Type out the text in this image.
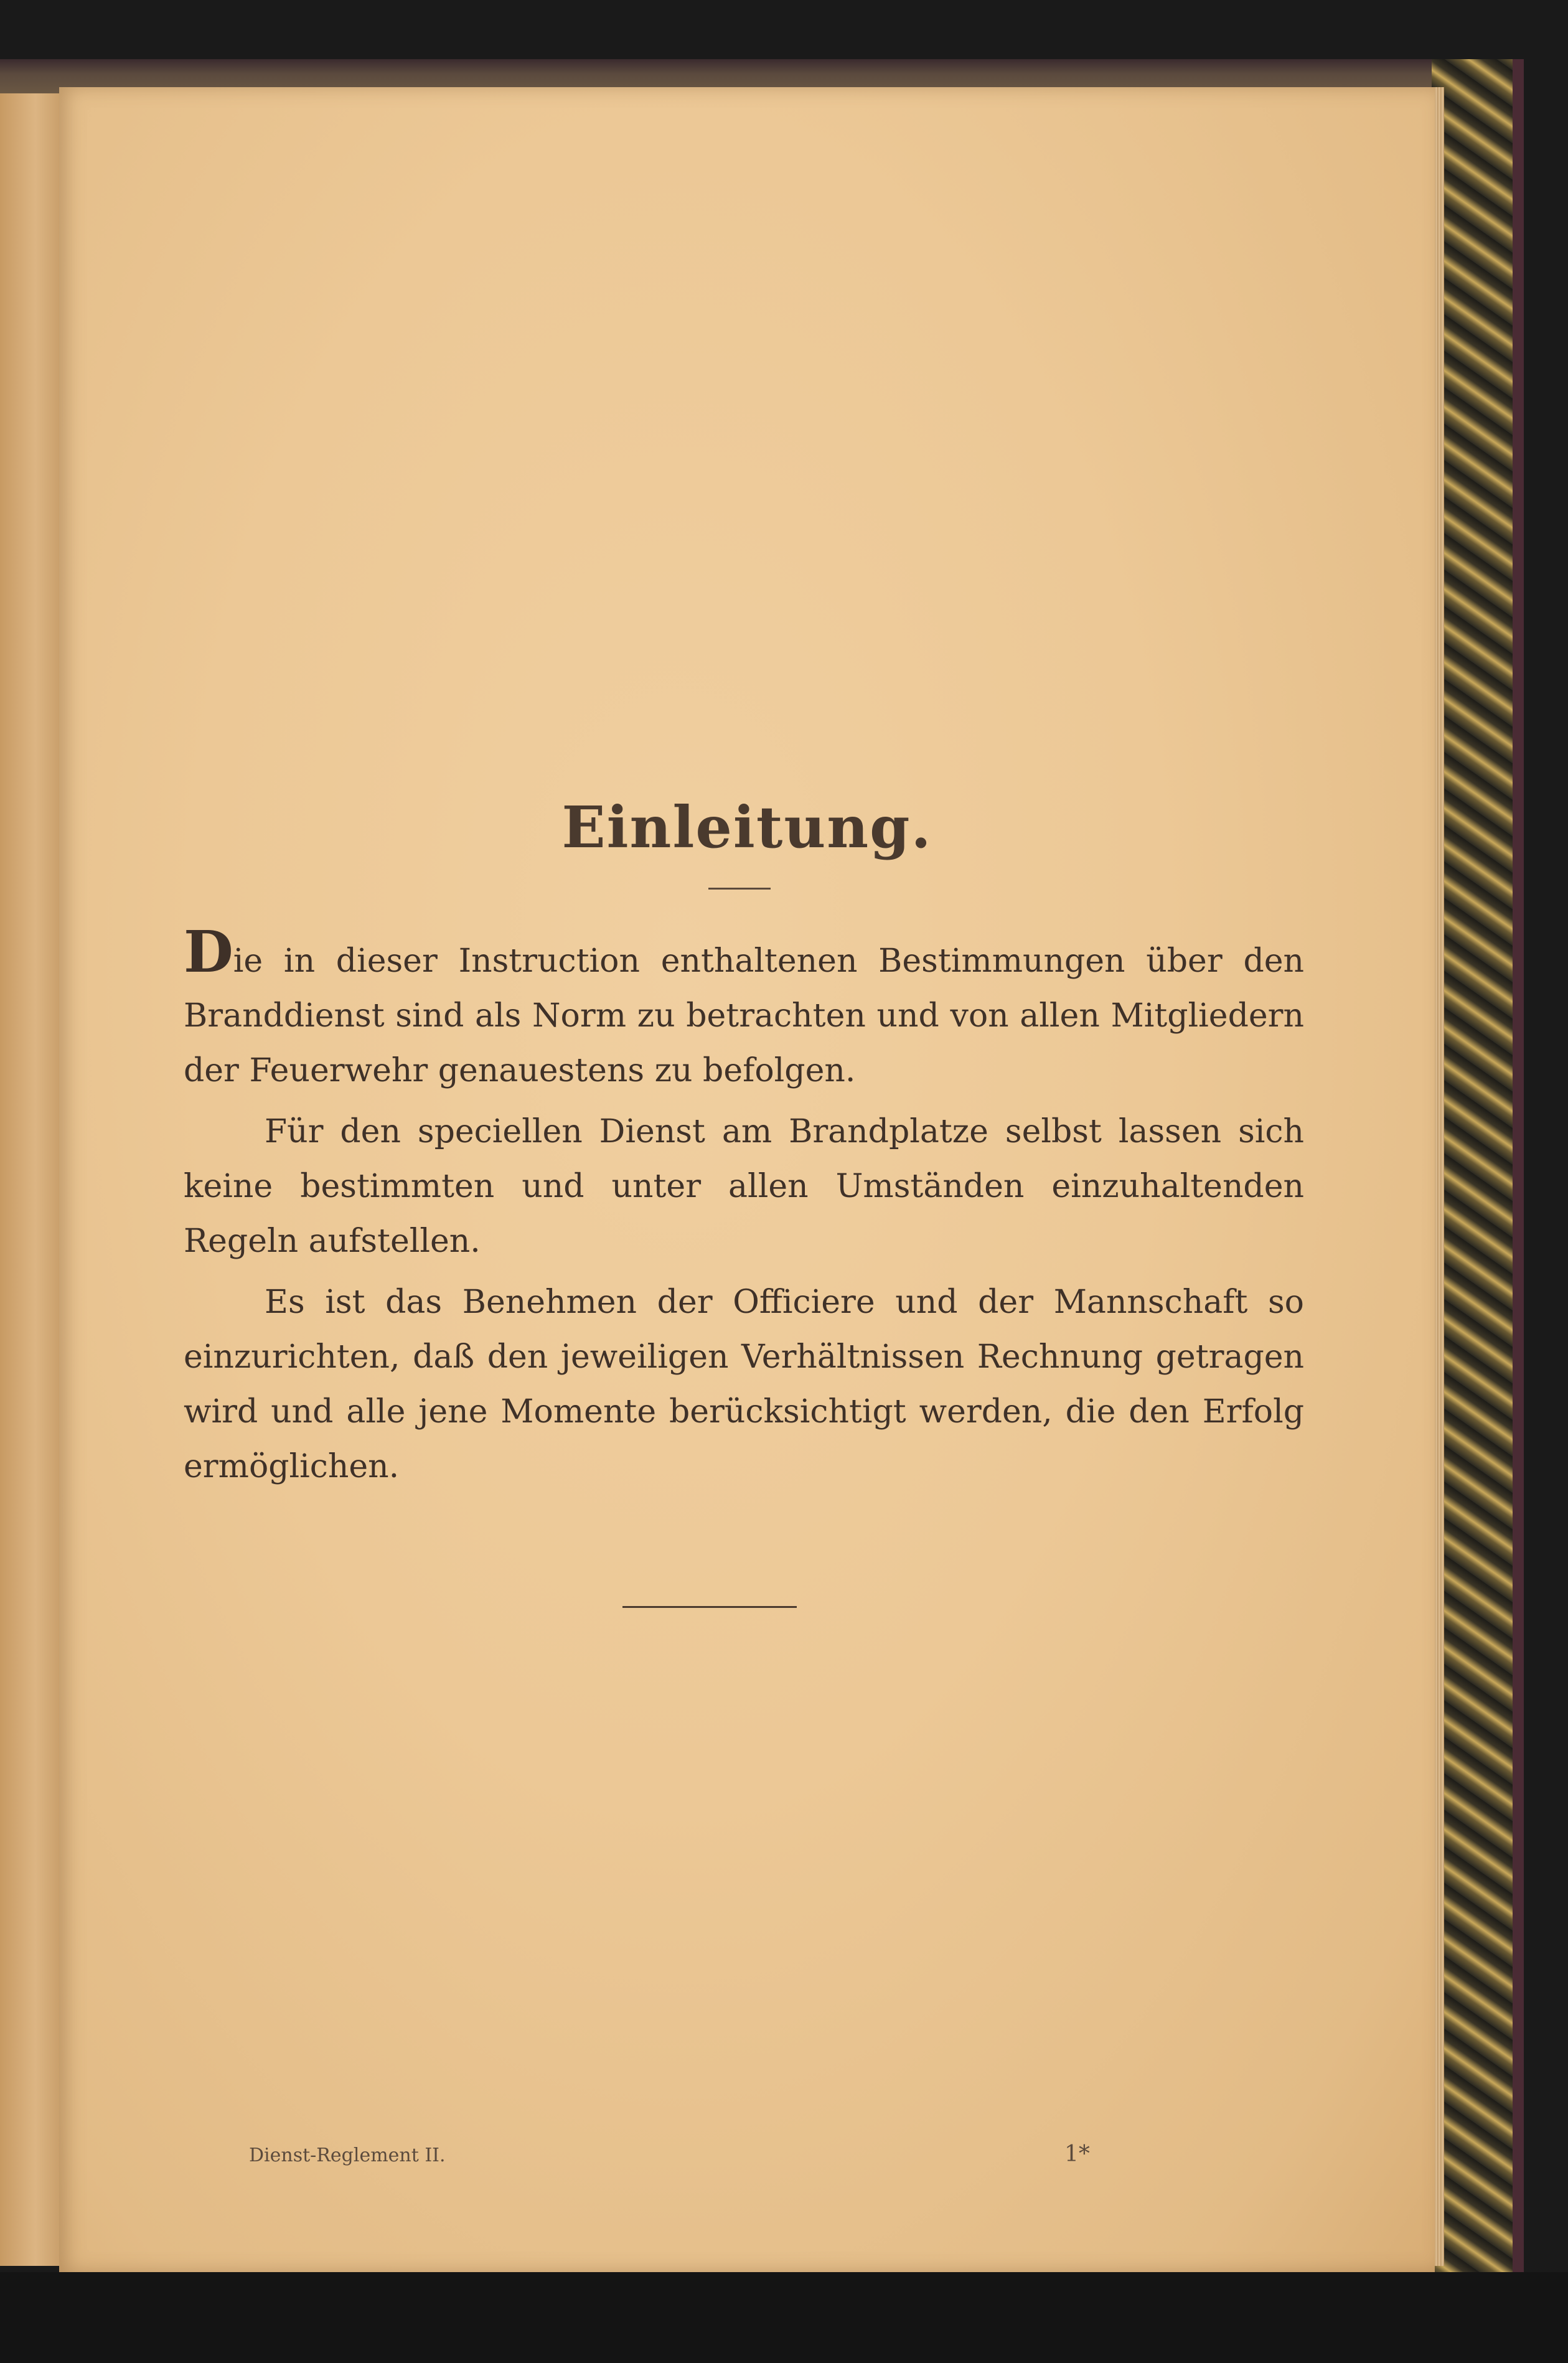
Einleitung.

Die in dieser Instruction enthaltenen Bestimmungen über den Branddienst sind als Norm zu betrachten und von allen Mitgliedern der Feuerwehr genauestens zu befolgen.

Für den speciellen Dienst am Brandplatze selbst lassen sich keine bestimmten und unter allen Umständen einzuhaltenden Regeln aufstellen.

Es ist das Benehmen der Officiere und der Mannschaft so einzurichten, daß den jeweiligen Verhältnissen Rechnung getragen wird und alle jene Momente berücksichtigt werden, die den Erfolg ermöglichen.

Dienst-Reglement II.	1*
